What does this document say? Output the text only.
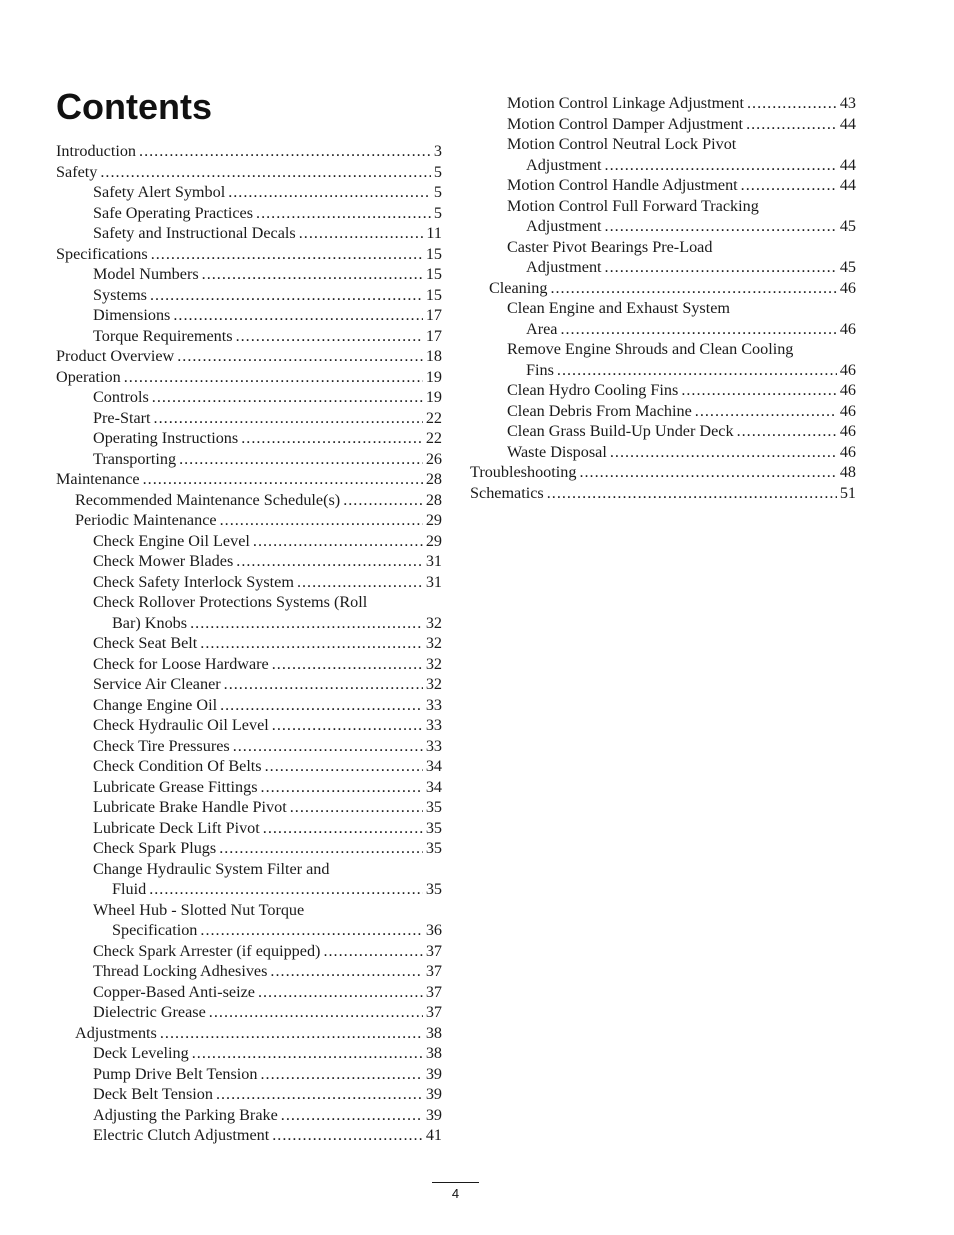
Contents
Introduction .....	3
Safety .....	5
Safety Alert Symbol .....	5
Safe Operating Practices .....	5
Safety and Instructional Decals .....	11
Specifications .....	15
Model Numbers .....	15
Systems .....	15
Dimensions .....	17
Torque Requirements .....	17
Product Overview .....	18
Operation .....	19
Controls .....	19
Pre-Start .....	22
Operating Instructions .....	22
Transporting .....	26
Maintenance .....	28
Recommended Maintenance Schedule(s) .....	28
Periodic Maintenance .....	29
Check Engine Oil Level .....	29
Check Mower Blades .....	31
Check Safety Interlock System .....	31
Check Rollover Protections Systems (Roll
Bar) Knobs .....	32
Check Seat Belt .....	32
Check for Loose Hardware .....	32
Service Air Cleaner .....	32
Change Engine Oil .....	33
Check Hydraulic Oil Level .....	33
Check Tire Pressures .....	33
Check Condition Of Belts .....	34
Lubricate Grease Fittings .....	34
Lubricate Brake Handle Pivot .....	35
Lubricate Deck Lift Pivot .....	35
Check Spark Plugs .....	35
Change Hydraulic System Filter and
Fluid .....	35
Wheel Hub - Slotted Nut Torque
Specification .....	36
Check Spark Arrester (if equipped) .....	37
Thread Locking Adhesives .....	37
Copper-Based Anti-seize .....	37
Dielectric Grease .....	37
Adjustments .....	38
Deck Leveling .....	38
Pump Drive Belt Tension .....	39
Deck Belt Tension .....	39
Adjusting the Parking Brake .....	39
Electric Clutch Adjustment .....	41
Motion Control Linkage Adjustment .....	43
Motion Control Damper Adjustment .....	44
Motion Control Neutral Lock Pivot
Adjustment .....	44
Motion Control Handle Adjustment .....	44
Motion Control Full Forward Tracking
Adjustment .....	45
Caster Pivot Bearings Pre-Load
Adjustment .....	45
Cleaning .....	46
Clean Engine and Exhaust System
Area .....	46
Remove Engine Shrouds and Clean Cooling
Fins .....	46
Clean Hydro Cooling Fins .....	46
Clean Debris From Machine .....	46
Clean Grass Build-Up Under Deck .....	46
Waste Disposal .....	46
Troubleshooting .....	48
Schematics .....	51
4
